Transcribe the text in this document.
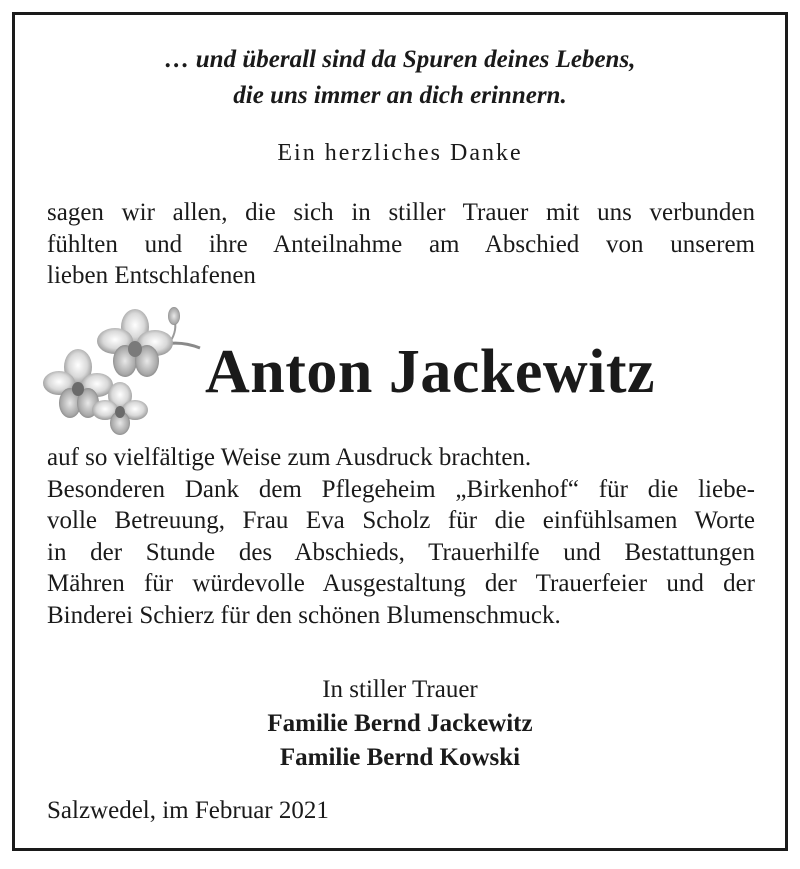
… und überall sind da Spuren deines Lebens,
die uns immer an dich erinnern.
Ein herzliches Danke

sagen wir allen, die sich in stiller Trauer mit uns verbunden
fühlten und ihre Anteilnahme am Abschied von unserem
lieben Entschlafenen

Anton Jackewitz

auf so vielfältige Weise zum Ausdruck brachten.
Besonderen Dank dem Pflegeheim „Birkenhof“ für die liebe-
volle Betreuung, Frau Eva Scholz für die einfühlsamen Worte
in der Stunde des Abschieds, Trauerhilfe und Bestattungen
Mähren für würdevolle Ausgestaltung der Trauerfeier und der
Binderei Schierz für den schönen Blumenschmuck.

In stiller Trauer
Familie Bernd Jackewitz
Familie Bernd Kowski
Salzwedel, im Februar 2021
